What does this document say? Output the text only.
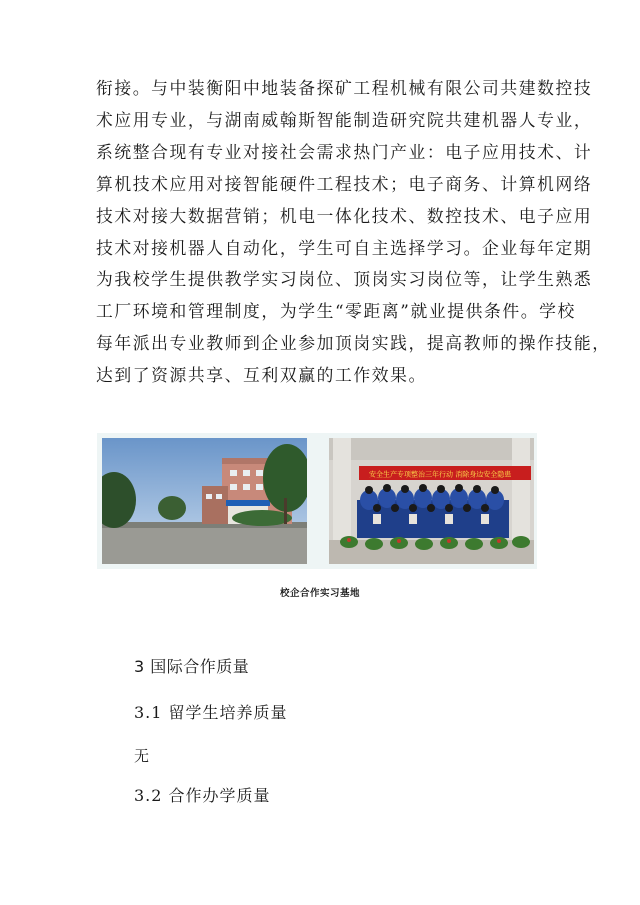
衔接。与中装衡阳中地装备探矿工程机械有限公司共建数控技
术应用专业，与湖南威翰斯智能制造研究院共建机器人专业，
系统整合现有专业对接社会需求热门产业：电子应用技术、计
算机技术应用对接智能硬件工程技术；电子商务、计算机网络
技术对接大数据营销；机电一体化技术、数控技术、电子应用
技术对接机器人自动化，学生可自主选择学习。企业每年定期
为我校学生提供教学实习岗位、顶岗实习岗位等，让学生熟悉
工厂环境和管理制度，为学生“零距离”就业提供条件。学校
每年派出专业教师到企业参加顶岗实践，提高教师的操作技能，
达到了资源共享、互利双赢的工作效果。
安全生产专项整治三年行动 消除身边安全隐患
校企合作实习基地
3 国际合作质量
3.1 留学生培养质量

无

3.2 合作办学质量
